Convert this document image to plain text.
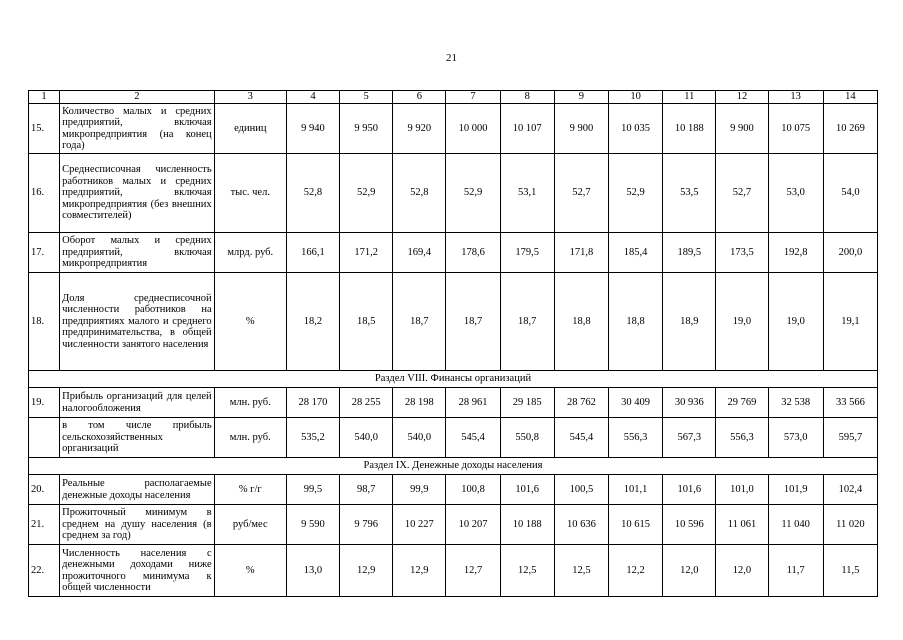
21
1	2	3	4	5	6	7	8	9	10	11	12	13	14
15.	Количество малых и средних предприятий, включая микропредприятия (на конец года)	единиц	9 940	9 950	9 920	10 000	10 107	9 900	10 035	10 188	9 900	10 075	10 269
16.	Среднесписочная численность работников малых и средних предприятий, включая микропредприятия (без внешних совместителей)	тыс. чел.	52,8	52,9	52,8	52,9	53,1	52,7	52,9	53,5	52,7	53,0	54,0
17.	Оборот малых и средних предприятий, включая микропредприятия	млрд. руб.	166,1	171,2	169,4	178,6	179,5	171,8	185,4	189,5	173,5	192,8	200,0
18.	Доля среднесписочной численности работников на предприятиях малого и среднего предпринимательства, в общей численности занятого населения	%	18,2	18,5	18,7	18,7	18,7	18,8	18,8	18,9	19,0	19,0	19,1
Раздел VIII. Финансы организаций													
19.	Прибыль организаций для целей налогообложения	млн. руб.	28 170	28 255	28 198	28 961	29 185	28 762	30 409	30 936	29 769	32 538	33 566
	в том числе прибыль сельскохозяйственных организаций	млн. руб.	535,2	540,0	540,0	545,4	550,8	545,4	556,3	567,3	556,3	573,0	595,7
Раздел IX. Денежные доходы населения													
20.	Реальные располагаемые денежные доходы населения	% г/г	99,5	98,7	99,9	100,8	101,6	100,5	101,1	101,6	101,0	101,9	102,4
21.	Прожиточный минимум в среднем на душу населения (в среднем за год)	руб/мес	9 590	9 796	10 227	10 207	10 188	10 636	10 615	10 596	11 061	11 040	11 020
22.	Численность населения с денежными доходами ниже прожиточного минимума к общей численности	%	13,0	12,9	12,9	12,7	12,5	12,5	12,2	12,0	12,0	11,7	11,5
